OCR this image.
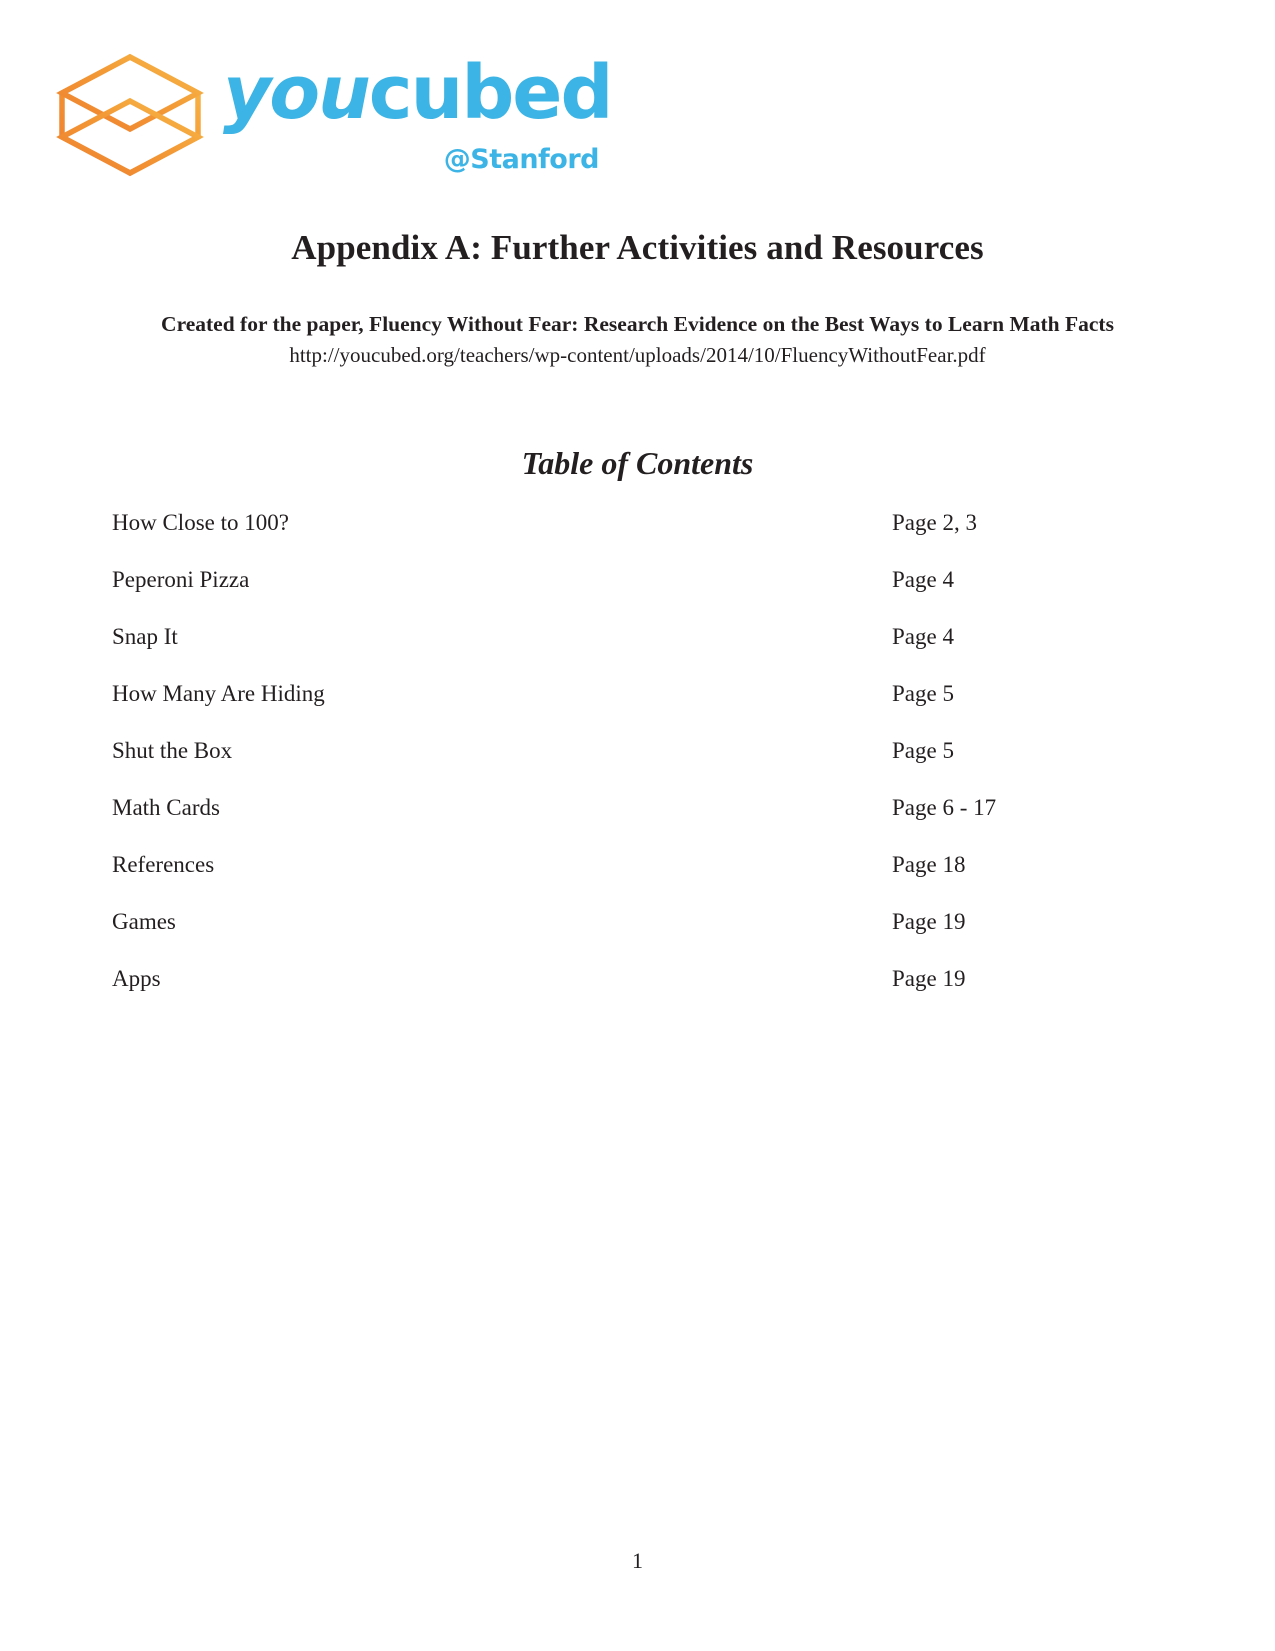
youcubed
@Stanford
Appendix A: Further Activities and Resources
Created for the paper, Fluency Without Fear: Research Evidence on the Best Ways to Learn Math Facts
http://youcubed.org/teachers/wp-content/uploads/2014/10/FluencyWithoutFear.pdf
Table of Contents
How Close to 100?	Page 2, 3
Peperoni Pizza	Page 4
Snap It	Page 4
How Many Are Hiding	Page 5
Shut the Box	Page 5
Math Cards	Page 6 - 17
References	Page 18
Games	Page 19
Apps	Page 19
1
